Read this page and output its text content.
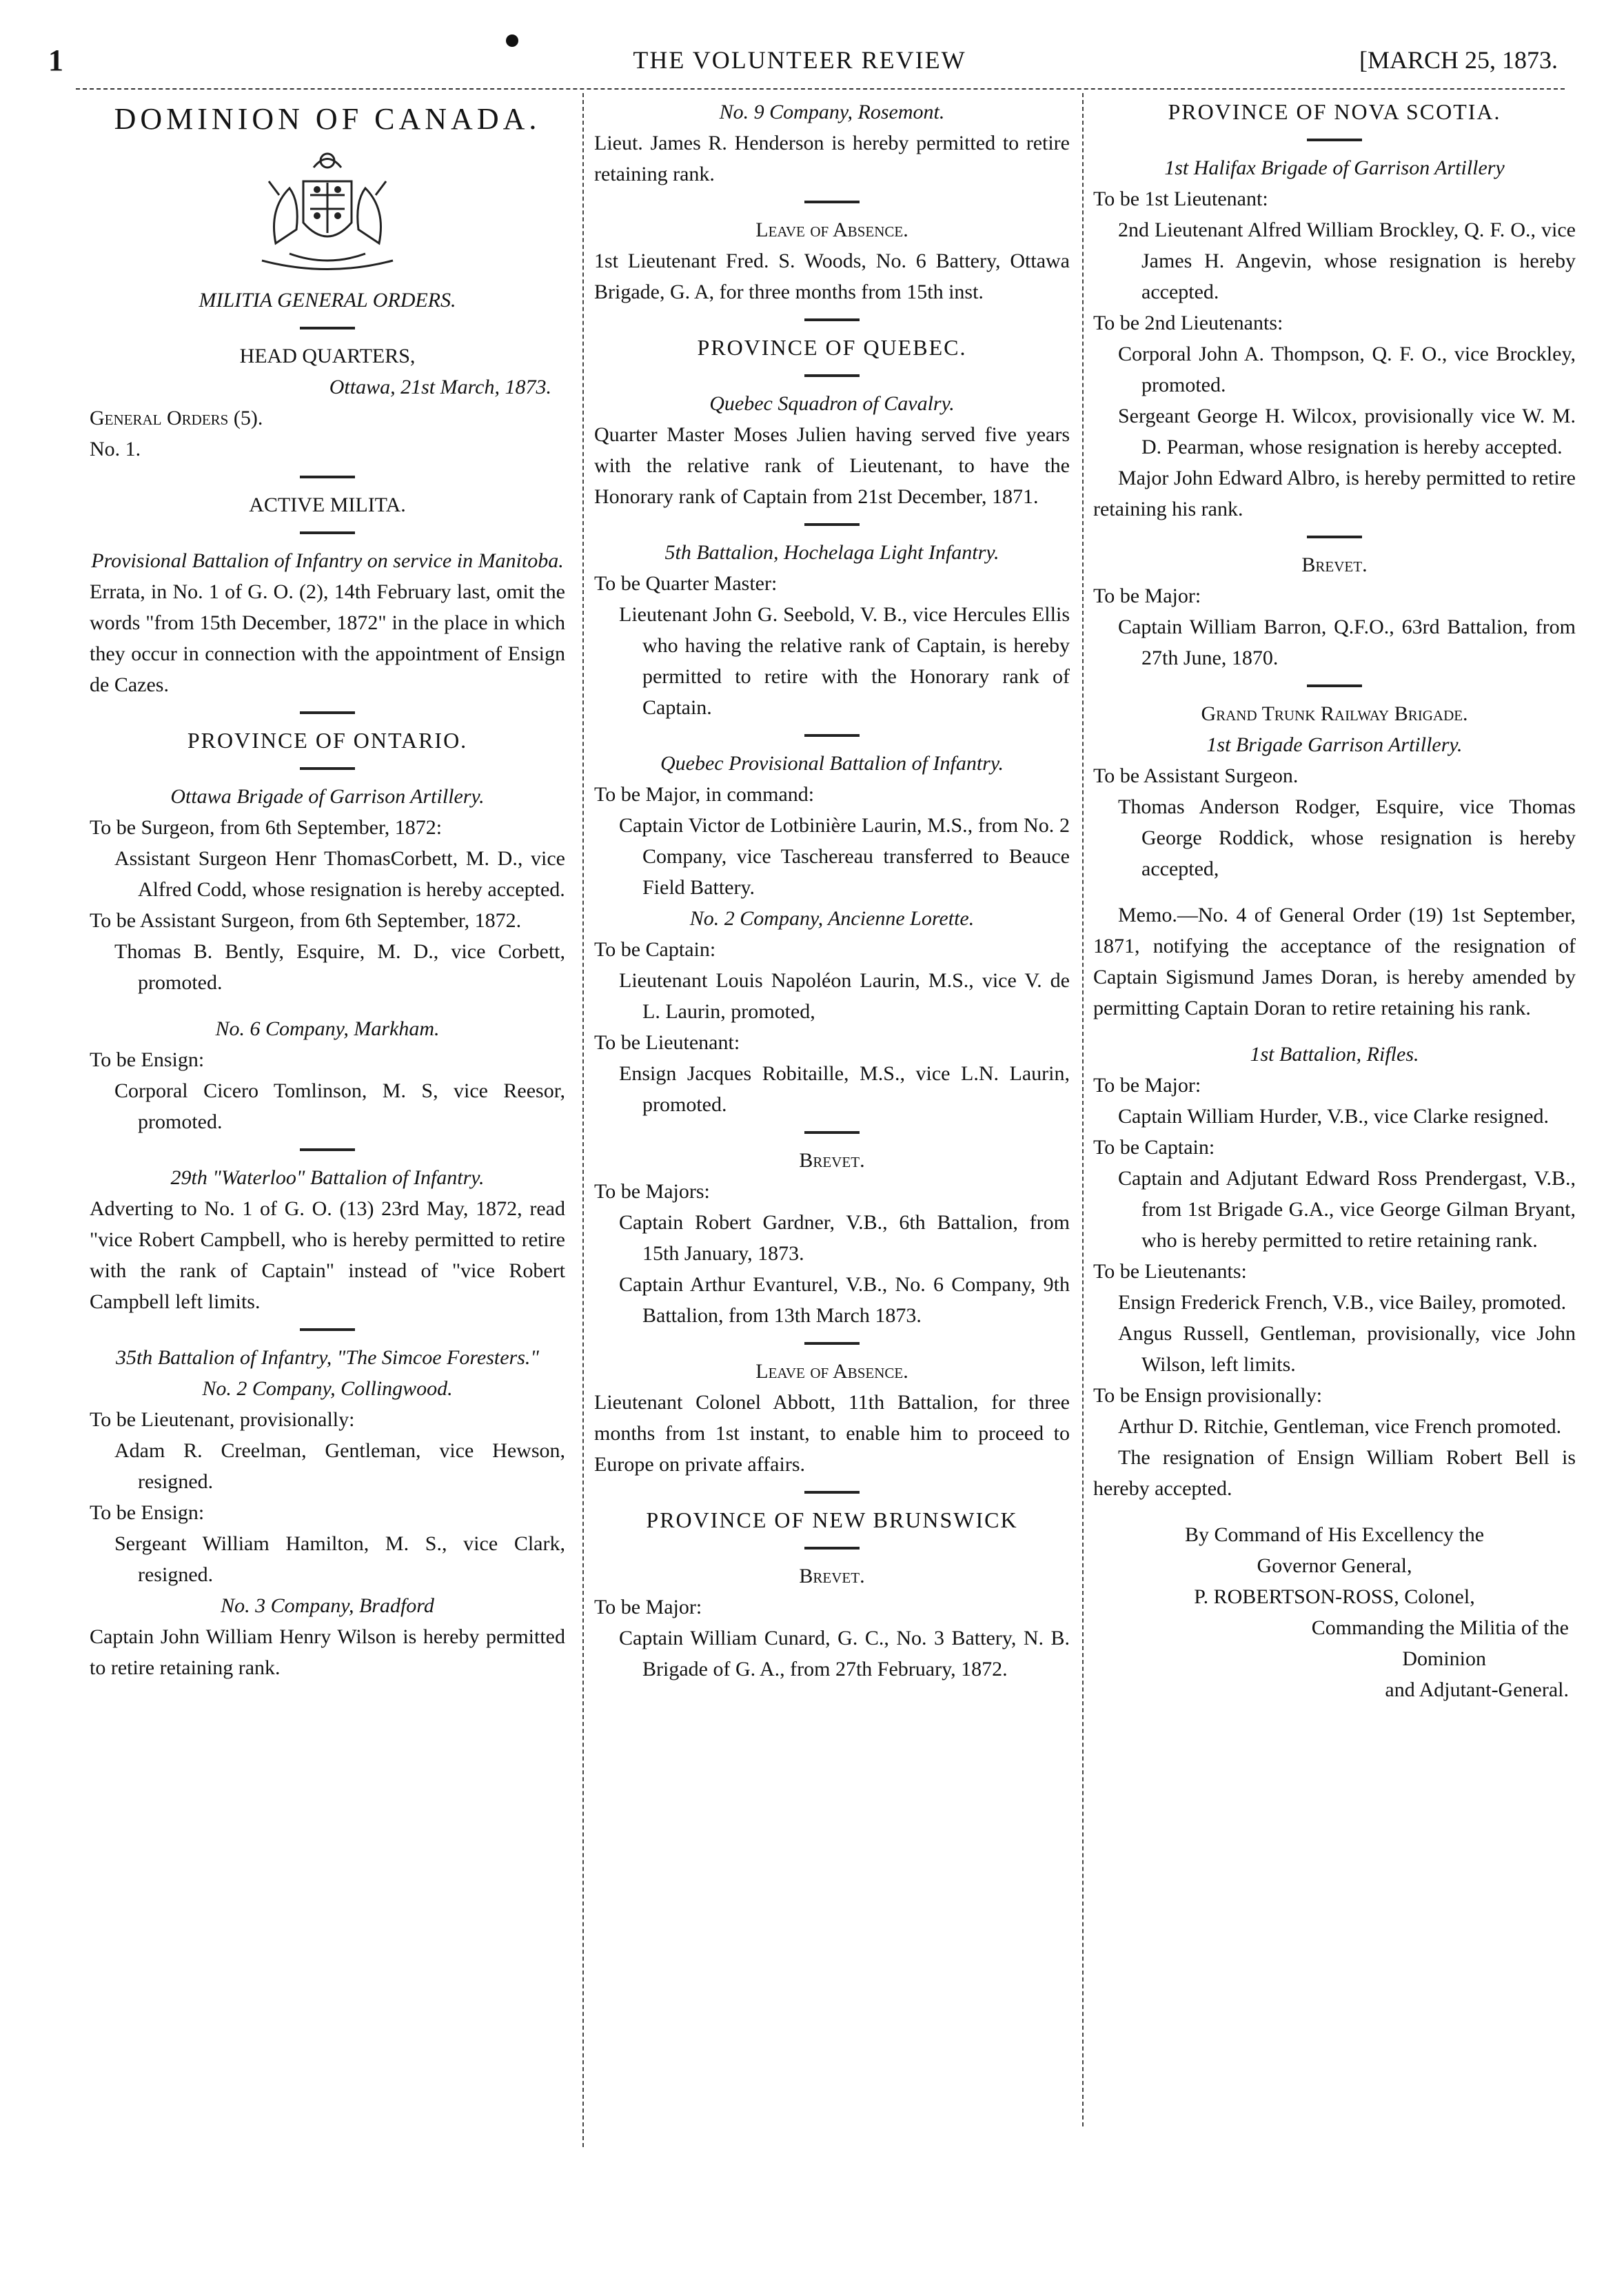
1	THE VOLUNTEER REVIEW	[MARCH 25, 1873.
DOMINION OF CANADA.

MILITIA GENERAL ORDERS.

HEAD QUARTERS,

Ottawa, 21st March, 1873.

General Orders (5).

No. 1.

ACTIVE MILITA.

Provisional Battalion of Infantry on service in Manitoba.

Errata, in No. 1 of G. O. (2), 14th February last, omit the words "from 15th December, 1872" in the place in which they occur in connection with the appointment of Ensign de Cazes.

PROVINCE OF ONTARIO.

Ottawa Brigade of Garrison Artillery.

To be Surgeon, from 6th September, 1872:

Assistant Surgeon Henr ThomasCorbett, M. D., vice Alfred Codd, whose resignation is hereby accepted.

To be Assistant Surgeon, from 6th September, 1872.

Thomas B. Bently, Esquire, M. D., vice Corbett, promoted.

No. 6 Company, Markham.

To be Ensign:

Corporal Cicero Tomlinson, M. S, vice Reesor, promoted.

29th "Waterloo" Battalion of Infantry.

Adverting to No. 1 of G. O. (13) 23rd May, 1872, read "vice Robert Campbell, who is hereby permitted to retire with the rank of Captain" instead of "vice Robert Campbell left limits.

35th Battalion of Infantry, "The Simcoe Foresters."

No. 2 Company, Collingwood.

To be Lieutenant, provisionally:

Adam R. Creelman, Gentleman, vice Hewson, resigned.

To be Ensign:

Sergeant William Hamilton, M. S., vice Clark, resigned.

No. 3 Company, Bradford

Captain John William Henry Wilson is hereby permitted to retire retaining rank.

No. 9 Company, Rosemont.

Lieut. James R. Henderson is hereby permitted to retire retaining rank.

Leave of Absence.

1st Lieutenant Fred. S. Woods, No. 6 Battery, Ottawa Brigade, G. A, for three months from 15th inst.

PROVINCE OF QUEBEC.

Quebec Squadron of Cavalry.

Quarter Master Moses Julien having served five years with the relative rank of Lieutenant, to have the Honorary rank of Captain from 21st December, 1871.

5th Battalion, Hochelaga Light Infantry.

To be Quarter Master:

Lieutenant John G. Seebold, V. B., vice Hercules Ellis who having the relative rank of Captain, is hereby permitted to retire with the Honorary rank of Captain.

Quebec Provisional Battalion of Infantry.

To be Major, in command:

Captain Victor de Lotbinière Laurin, M.S., from No. 2 Company, vice Taschereau transferred to Beauce Field Battery.

No. 2 Company, Ancienne Lorette.

To be Captain:

Lieutenant Louis Napoléon Laurin, M.S., vice V. de L. Laurin, promoted,

To be Lieutenant:

Ensign Jacques Robitaille, M.S., vice L.N. Laurin, promoted.

Brevet.

To be Majors:

Captain Robert Gardner, V.B., 6th Battalion, from 15th January, 1873.

Captain Arthur Evanturel, V.B., No. 6 Company, 9th Battalion, from 13th March 1873.

Leave of Absence.

Lieutenant Colonel Abbott, 11th Battalion, for three months from 1st instant, to enable him to proceed to Europe on private affairs.

PROVINCE OF NEW BRUNSWICK

Brevet.

To be Major:

Captain William Cunard, G. C., No. 3 Battery, N. B. Brigade of G. A., from 27th February, 1872.

PROVINCE OF NOVA SCOTIA.

1st Halifax Brigade of Garrison Artillery

To be 1st Lieutenant:

2nd Lieutenant Alfred William Brockley, Q. F. O., vice James H. Angevin, whose resignation is hereby accepted.

To be 2nd Lieutenants:

Corporal John A. Thompson, Q. F. O., vice Brockley, promoted.

Sergeant George H. Wilcox, provisionally vice W. M. D. Pearman, whose resignation is hereby accepted.

Major John Edward Albro, is hereby permitted to retire retaining his rank.

Brevet.

To be Major:

Captain William Barron, Q.F.O., 63rd Battalion, from 27th June, 1870.

Grand Trunk Railway Brigade.

1st Brigade Garrison Artillery.

To be Assistant Surgeon.

Thomas Anderson Rodger, Esquire, vice Thomas George Roddick, whose resignation is hereby accepted,

Memo.—No. 4 of General Order (19) 1st September, 1871, notifying the acceptance of the resignation of Captain Sigismund James Doran, is hereby amended by permitting Captain Doran to retire retaining his rank.

1st Battalion, Rifles.

To be Major:

Captain William Hurder, V.B., vice Clarke resigned.

To be Captain:

Captain and Adjutant Edward Ross Prendergast, V.B., from 1st Brigade G.A., vice George Gilman Bryant, who is hereby permitted to retire retaining rank.

To be Lieutenants:

Ensign Frederick French, V.B., vice Bailey, promoted.

Angus Russell, Gentleman, provisionally, vice John Wilson, left limits.

To be Ensign provisionally:

Arthur D. Ritchie, Gentleman, vice French promoted.

The resignation of Ensign William Robert Bell is hereby accepted.

By Command of His Excellency the

Governor General,

P. ROBERTSON-ROSS, Colonel,

Commanding the Militia of the

Dominion

and Adjutant-General.
